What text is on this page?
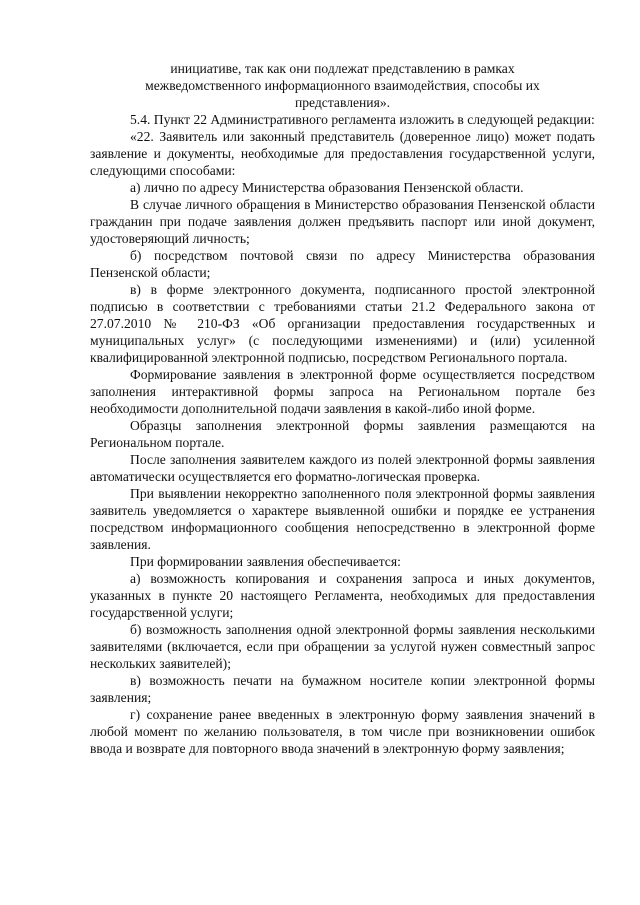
инициативе, так как они подлежат представлению в рамках

межведомственного информационного взаимодействия, способы их

представления».

5.4. Пункт 22 Административного регламента изложить в следующей редакции:

«22. Заявитель или законный представитель (доверенное лицо) может подать заявление и документы, необходимые для предоставления государственной услуги, следующими способами:

а) лично по адресу Министерства образования Пензенской области.

В случае личного обращения в Министерство образования Пензенской области гражданин при подаче заявления должен предъявить паспорт или иной документ, удостоверяющий личность;

б) посредством почтовой связи по адресу Министерства образования Пензенской области;

в) в форме электронного документа, подписанного простой электронной подписью в соответствии с требованиями статьи 21.2 Федерального закона от 27.07.2010 № 210-ФЗ «Об организации предоставления государственных и муниципальных услуг» (с последующими изменениями) и (или) усиленной квалифицированной электронной подписью, посредством Регионального портала.

Формирование заявления в электронной форме осуществляется посредством заполнения интерактивной формы запроса на Региональном портале без необходимости дополнительной подачи заявления в какой-либо иной форме.

Образцы заполнения электронной формы заявления размещаются на Региональном портале.

После заполнения заявителем каждого из полей электронной формы заявления автоматически осуществляется его форматно-логическая проверка.

При выявлении некорректно заполненного поля электронной формы заявления заявитель уведомляется о характере выявленной ошибки и порядке ее устранения посредством информационного сообщения непосредственно в электронной форме заявления.

При формировании заявления обеспечивается:

а) возможность копирования и сохранения запроса и иных документов, указанных в пункте 20 настоящего Регламента, необходимых для предоставления государственной услуги;

б) возможность заполнения одной электронной формы заявления несколькими заявителями (включается, если при обращении за услугой нужен совместный запрос нескольких заявителей);

в) возможность печати на бумажном носителе копии электронной формы заявления;

г) сохранение ранее введенных в электронную форму заявления значений в любой момент по желанию пользователя, в том числе при возникновении ошибок ввода и возврате для повторного ввода значений в электронную форму заявления;
